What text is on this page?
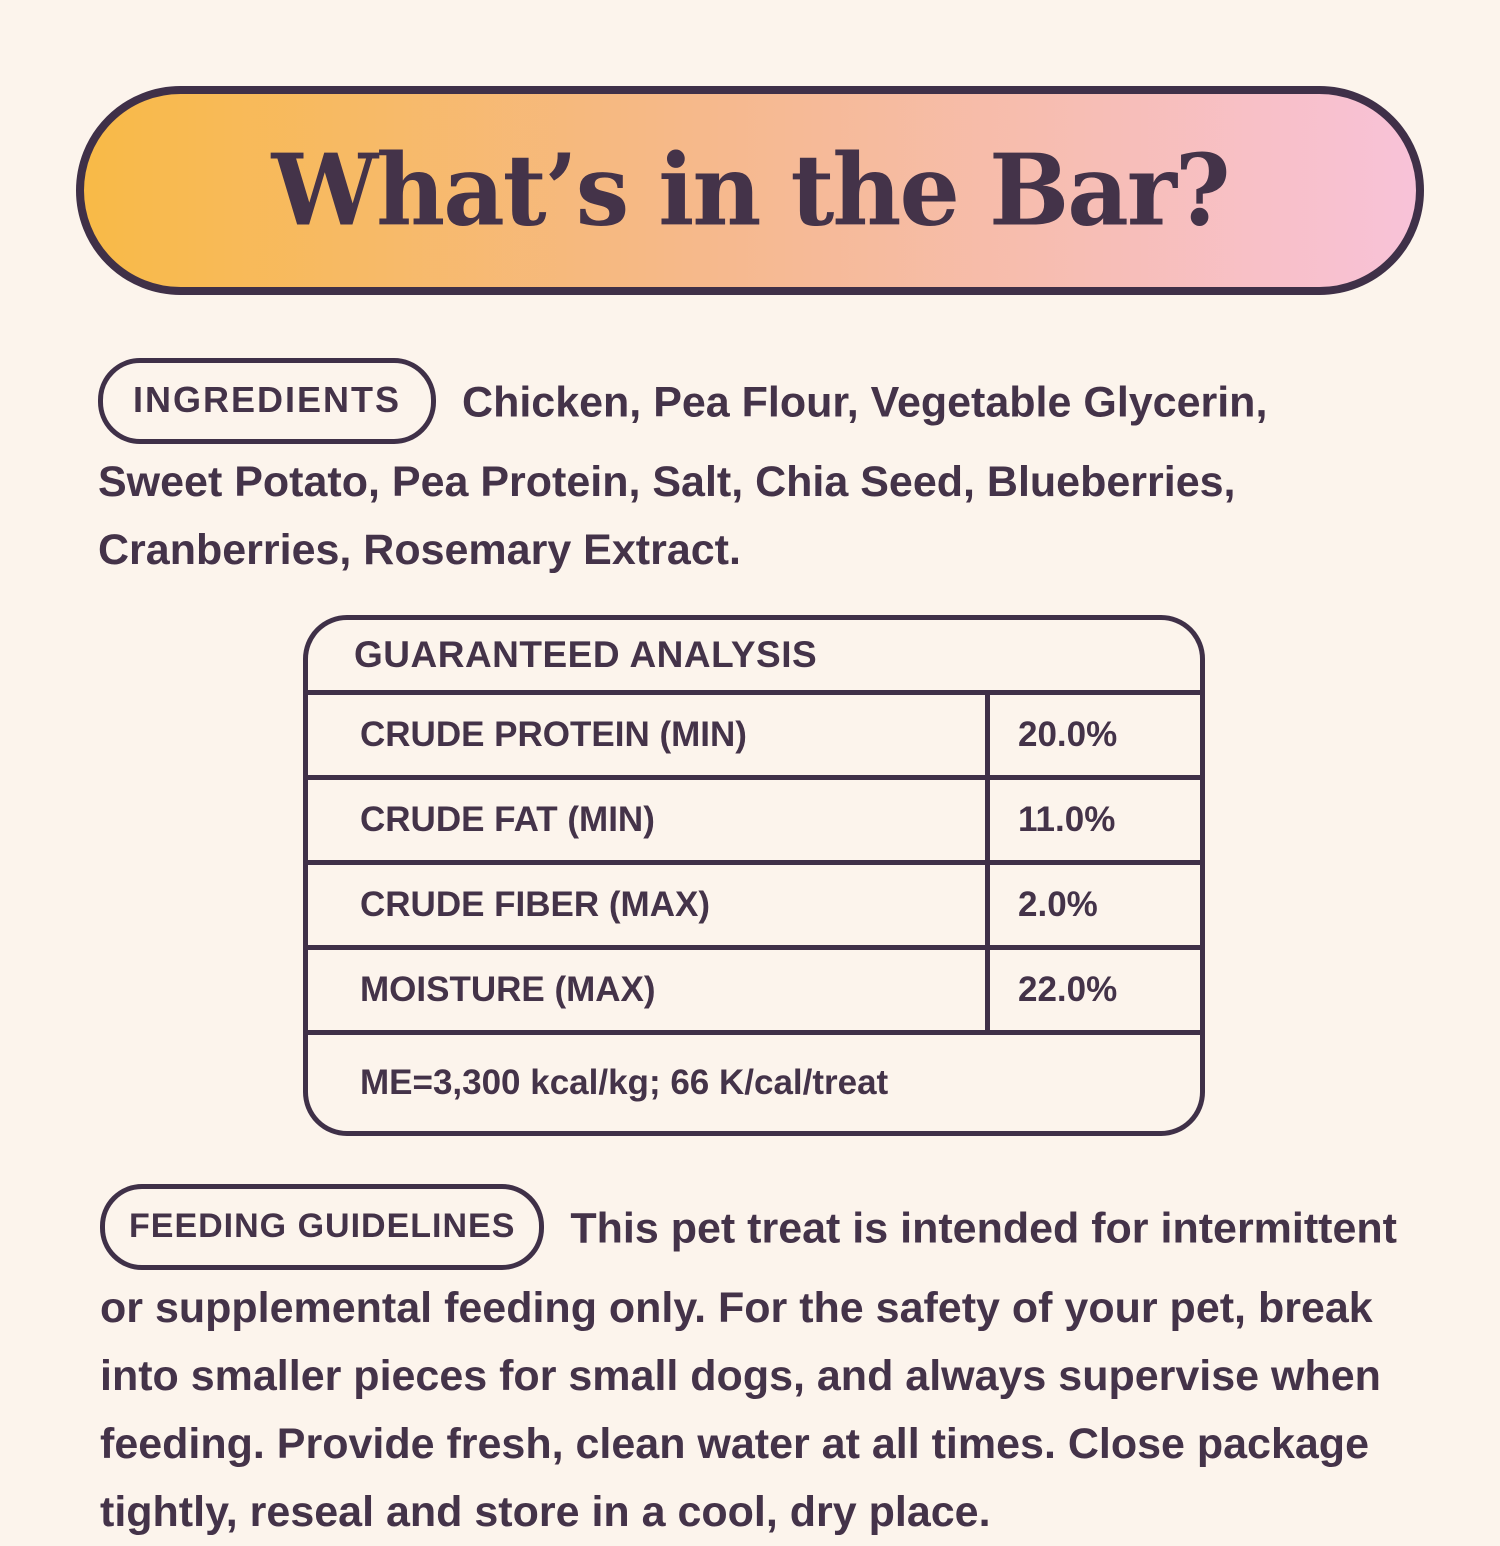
What’s in the Bar?
INGREDIENTS Chicken, Pea Flour, Vegetable Glycerin, Sweet Potato, Pea Protein, Salt, Chia Seed, Blueberries, Cranberries, Rosemary Extract.
GUARANTEED ANALYSIS
CRUDE PROTEIN (MIN)	20.0%
CRUDE FAT (MIN)	11.0%
CRUDE FIBER (MAX)	2.0%
MOISTURE (MAX)	22.0%
ME=3,300 kcal/kg; 66 K/cal/treat
FEEDING GUIDELINES This pet treat is intended for intermittent or supplemental feeding only. For the safety of your pet, break into smaller pieces for small dogs, and always supervise when feeding. Provide fresh, clean water at all times. Close package tightly, reseal and store in a cool, dry place.
